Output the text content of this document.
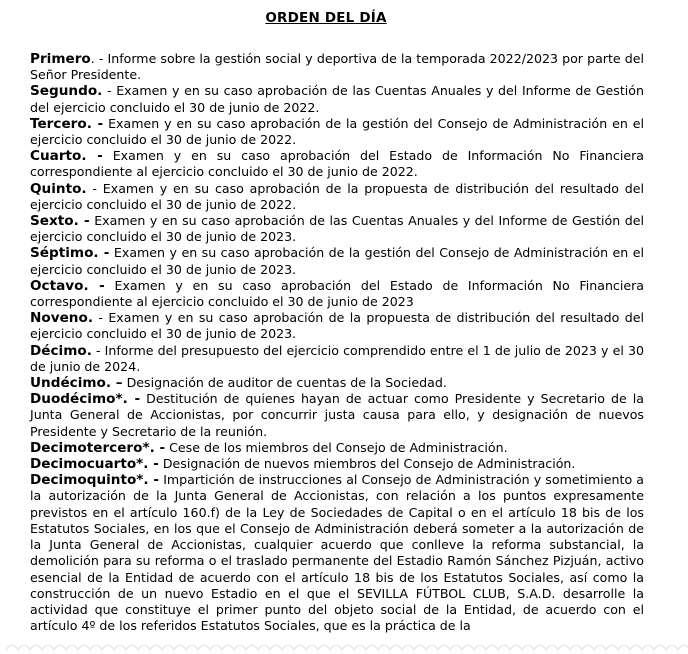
ORDEN DEL DÍA
Primero. - Informe sobre la gestión social y deportiva de la temporada 2022/2023 por parte del Señor Presidente.
Segundo. - Examen y en su caso aprobación de las Cuentas Anuales y del Informe de Gestión del ejercicio concluido el 30 de junio de 2022.
Tercero. - Examen y en su caso aprobación de la gestión del Consejo de Administración en el ejercicio concluido el 30 de junio de 2022.
Cuarto. - Examen y en su caso aprobación del Estado de Información No Financiera correspondiente al ejercicio concluido el 30 de junio de 2022.
Quinto. - Examen y en su caso aprobación de la propuesta de distribución del resultado del ejercicio concluido el 30 de junio de 2022.
Sexto. - Examen y en su caso aprobación de las Cuentas Anuales y del Informe de Gestión del ejercicio concluido el 30 de junio de 2023.
Séptimo. - Examen y en su caso aprobación de la gestión del Consejo de Administración en el ejercicio concluido el 30 de junio de 2023.
Octavo. - Examen y en su caso aprobación del Estado de Información No Financiera correspondiente al ejercicio concluido el 30 de junio de 2023
Noveno. - Examen y en su caso aprobación de la propuesta de distribución del resultado del ejercicio concluido el 30 de junio de 2023.
Décimo. - Informe del presupuesto del ejercicio comprendido entre el 1 de julio de 2023 y el 30 de junio de 2024.
Undécimo. – Designación de auditor de cuentas de la Sociedad.
Duodécimo*. - Destitución de quienes hayan de actuar como Presidente y Secretario de la Junta General de Accionistas, por concurrir justa causa para ello, y designación de nuevos Presidente y Secretario de la reunión.
Decimotercero*. - Cese de los miembros del Consejo de Administración.
Decimocuarto*. - Designación de nuevos miembros del Consejo de Administración.
Decimoquinto*. - Impartición de instrucciones al Consejo de Administración y sometimiento a la autorización de la Junta General de Accionistas, con relación a los puntos expresamente previstos en el artículo 160.f) de la Ley de Sociedades de Capital o en el artículo 18 bis de los Estatutos Sociales, en los que el Consejo de Administración deberá someter a la autorización de la Junta General de Accionistas, cualquier acuerdo que conlleve la reforma substancial, la demolición para su reforma o el traslado permanente del Estadio Ramón Sánchez Pizjuán, activo esencial de la Entidad de acuerdo con el artículo 18 bis de los Estatutos Sociales, así como la construcción de un nuevo Estadio en el que el SEVILLA FÚTBOL CLUB, S.A.D. desarrolle la actividad que constituye el primer punto del objeto social de la Entidad, de acuerdo con el artículo 4º de los referidos Estatutos Sociales, que es la práctica de la
